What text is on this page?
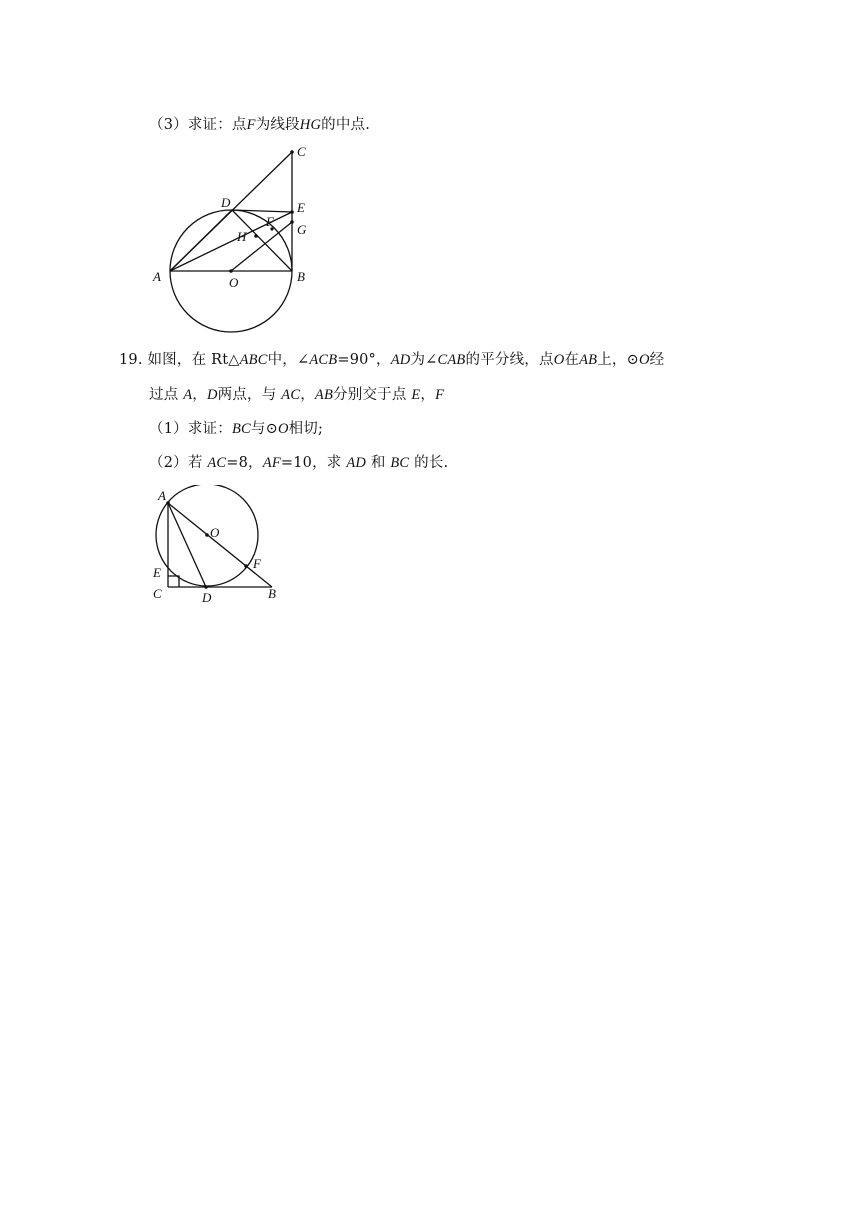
（3）求证：点F为线段HG的中点.
C
D	E
F
H	G
A	O	B
19. 如图，在 Rt△ABC中，∠ACB=90°，AD为∠CAB的平分线，点O在AB上，⊙O经
过点 A，D两点，与 AC，AB分别交于点 E，F
（1）求证：BC与⊙O相切;
（2）若 AC=8，AF=10，求 AD 和 BC 的长.
A
O
E
F
C	D	B
